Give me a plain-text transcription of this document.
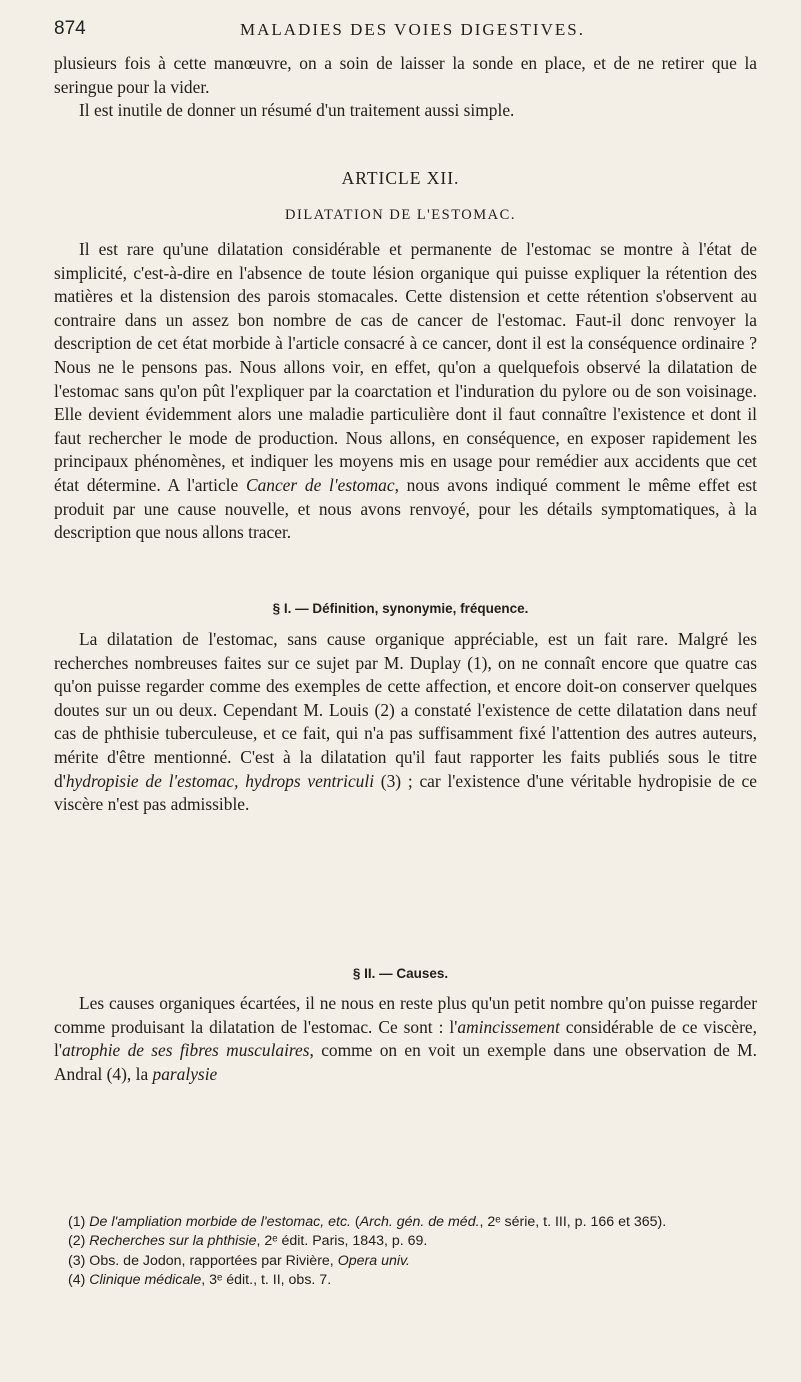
874	MALADIES DES VOIES DIGESTIVES.

plusieurs fois à cette manœuvre, on a soin de laisser la sonde en place, et de ne retirer que la seringue pour la vider.

Il est inutile de donner un résumé d'un traitement aussi simple.

ARTICLE XII.
DILATATION DE L'ESTOMAC.

Il est rare qu'une dilatation considérable et permanente de l'estomac se montre à l'état de simplicité, c'est-à-dire en l'absence de toute lésion organique qui puisse expliquer la rétention des matières et la distension des parois stomacales. Cette distension et cette rétention s'observent au contraire dans un assez bon nombre de cas de cancer de l'estomac. Faut-il donc renvoyer la description de cet état morbide à l'article consacré à ce cancer, dont il est la conséquence ordinaire ? Nous ne le pensons pas. Nous allons voir, en effet, qu'on a quelquefois observé la dilatation de l'estomac sans qu'on pût l'expliquer par la coarctation et l'induration du pylore ou de son voisinage. Elle devient évidemment alors une maladie particulière dont il faut connaître l'existence et dont il faut rechercher le mode de production. Nous allons, en conséquence, en exposer rapidement les principaux phénomènes, et indiquer les moyens mis en usage pour remédier aux accidents que cet état détermine. A l'article Cancer de l'estomac, nous avons indiqué comment le même effet est produit par une cause nouvelle, et nous avons renvoyé, pour les détails symptomatiques, à la description que nous allons tracer.

§ I. — Définition, synonymie, fréquence.

La dilatation de l'estomac, sans cause organique appréciable, est un fait rare. Malgré les recherches nombreuses faites sur ce sujet par M. Duplay (1), on ne connaît encore que quatre cas qu'on puisse regarder comme des exemples de cette affection, et encore doit-on conserver quelques doutes sur un ou deux. Cependant M. Louis (2) a constaté l'existence de cette dilatation dans neuf cas de phthisie tuberculeuse, et ce fait, qui n'a pas suffisamment fixé l'attention des autres auteurs, mérite d'être mentionné. C'est à la dilatation qu'il faut rapporter les faits publiés sous le titre d'hydropisie de l'estomac, hydrops ventriculi (3) ; car l'existence d'une véritable hydropisie de ce viscère n'est pas admissible.

§ II. — Causes.

Les causes organiques écartées, il ne nous en reste plus qu'un petit nombre qu'on puisse regarder comme produisant la dilatation de l'estomac. Ce sont : l'amincissement considérable de ce viscère, l'atrophie de ses fibres musculaires, comme on en voit un exemple dans une observation de M. Andral (4), la paralysie

(1) De l'ampliation morbide de l'estomac, etc. (Arch. gén. de méd., 2ᵉ série, t. III, p. 166 et 365).
(2) Recherches sur la phthisie, 2ᵉ édit. Paris, 1843, p. 69.
(3) Obs. de Jodon, rapportées par Rivière, Opera univ.
(4) Clinique médicale, 3ᵉ édit., t. II, obs. 7.
